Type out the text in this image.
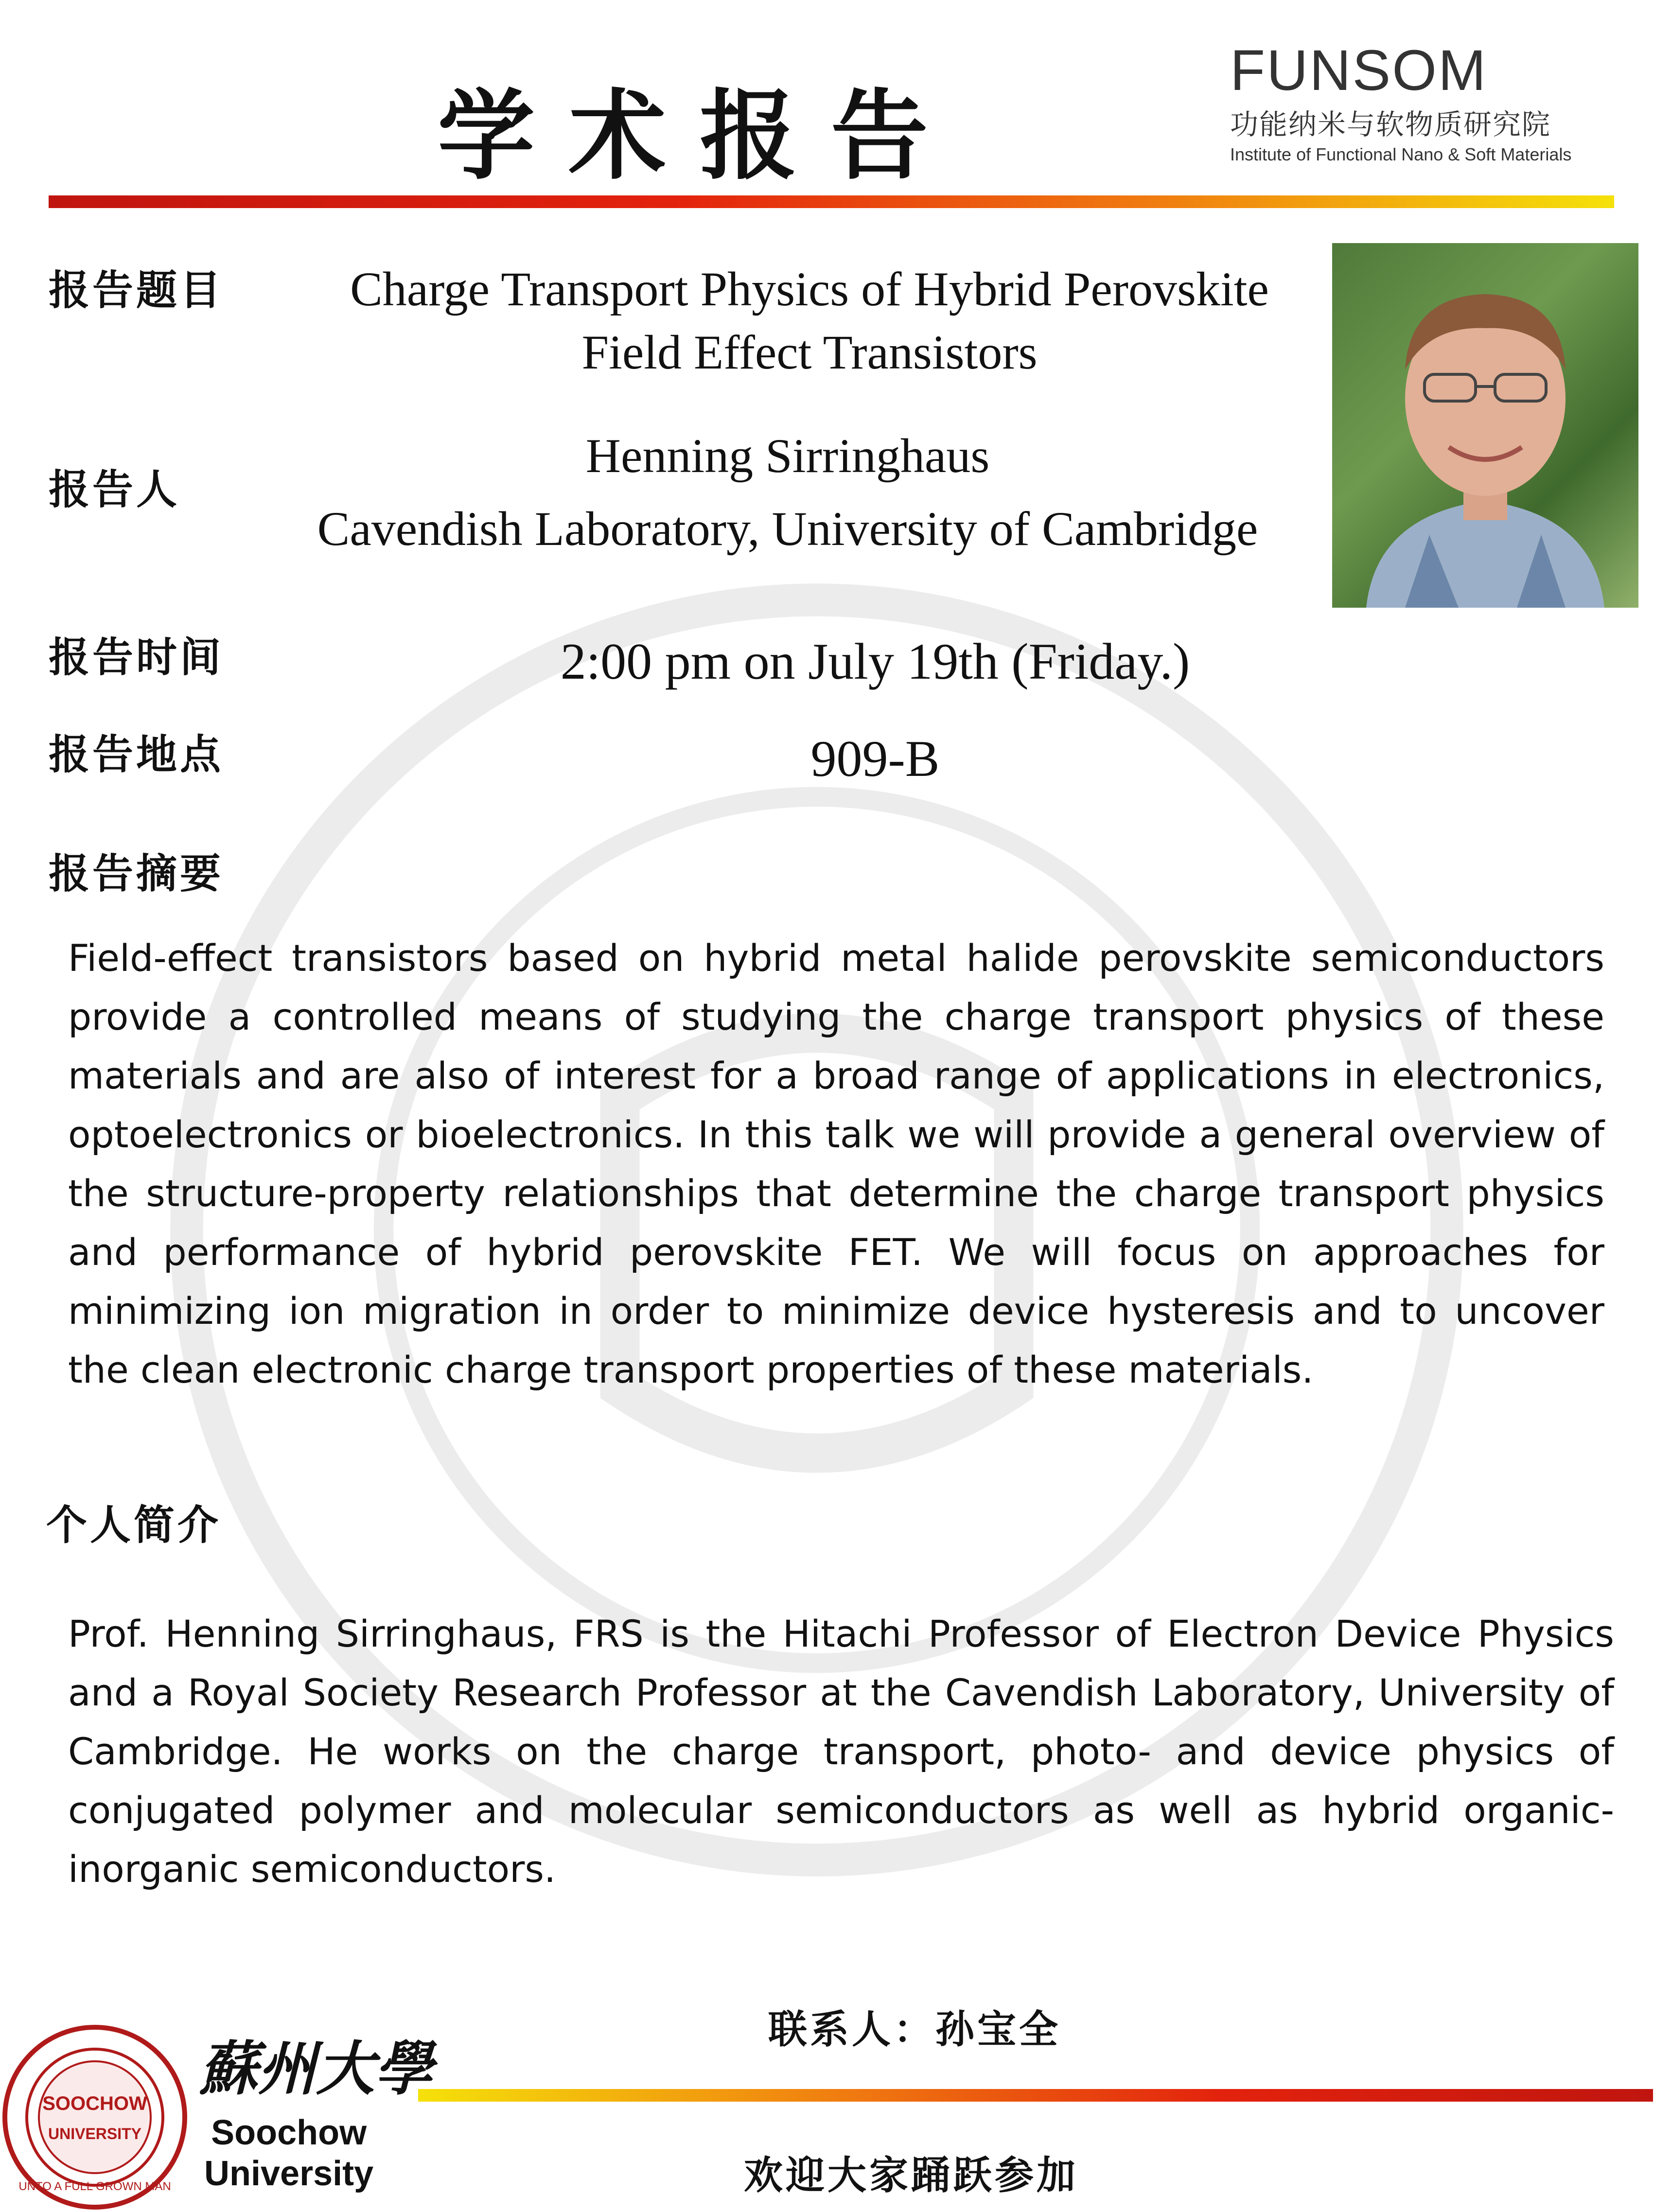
学 术 报 告
FUNSOM
功能纳米与软物质研究院
Institute of Functional Nano & Soft Materials
报告题目	Charge Transport Physics of Hybrid Perovskite
Field Effect Transistors
报告人
Henning Sirringhaus
Cavendish Laboratory, University of Cambridge
报告时间	2:00 pm on July 19th (Friday.)
报告地点	909-B
报告摘要
Field-effect transistors based on hybrid metal halide perovskite semiconductors provide a controlled means of studying the charge transport physics of these materials and are also of interest for a broad range of applications in electronics, optoelectronics or bioelectronics. In this talk we will provide a general overview of the structure-property relationships that determine the charge transport physics and performance of hybrid perovskite FET. We will focus on approaches for minimizing ion migration in order to minimize device hysteresis and to uncover the clean electronic charge transport properties of these materials.
个人简介
Prof. Henning Sirringhaus, FRS is the Hitachi Professor of Electron Device Physics and a Royal Society Research Professor at the Cavendish Laboratory, University of Cambridge. He works on the charge transport, photo- and device physics of conjugated polymer and molecular semiconductors as well as hybrid organic-inorganic semiconductors.
联系人：孙宝全
欢迎大家踊跃参加
SOOCHOW
UNIVERSITY
UNTO A FULL GROWN MAN
蘇州大學
Soochow
University
